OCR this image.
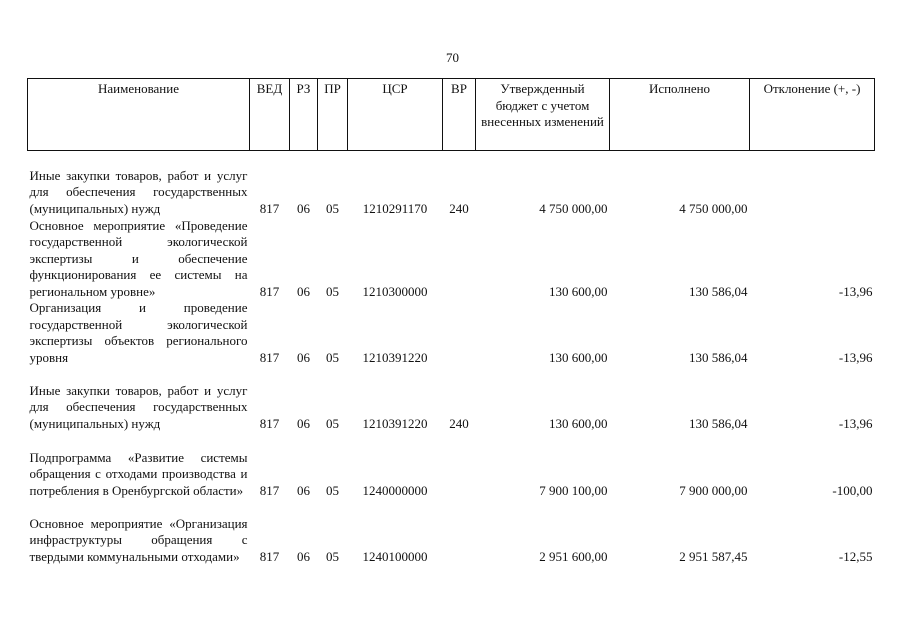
70
Наименование	ВЕД	РЗ	ПР	ЦСР	ВР	Утвержденный бюджет с учетом внесенных изменений	Исполнено	Отклонение (+, -)
Иные закупки товаров, работ и услуг для обеспечения государственных (муниципальных) нужд	817	06	05	1210291170	240	4 750 000,00	4 750 000,00	
Основное мероприятие «Проведение государственной экологической экспертизы и обеспечение функционирования ее системы на региональном уровне»	817	06	05	1210300000		130 600,00	130 586,04	-13,96
Организация и проведение государственной экологической экспертизы объектов регионального уровня	817	06	05	1210391220		130 600,00	130 586,04	-13,96
Иные закупки товаров, работ и услуг для обеспечения государственных (муниципальных) нужд	817	06	05	1210391220	240	130 600,00	130 586,04	-13,96
Подпрограмма «Развитие системы обращения с отходами производства и потребления в Оренбургской области»	817	06	05	1240000000		7 900 100,00	7 900 000,00	-100,00
Основное мероприятие «Организация инфраструктуры обращения с твердыми коммунальными отходами»	817	06	05	1240100000		2 951 600,00	2 951 587,45	-12,55
